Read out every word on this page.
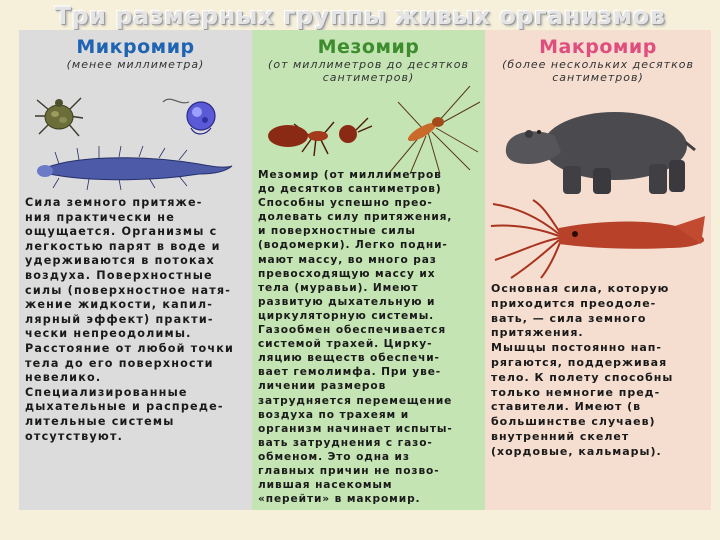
Три размерных группы живых организмов
Микромир
(менее миллиметра)
Сила земного притяже-
ния практически не
ощущается. Организмы с
легкостью парят в воде и
удерживаются в потоках
воздуха. Поверхностные
силы (поверхностное натя-
жение жидкости, капил-
лярный эффект) практи-
чески непреодолимы.
Расстояние от любой точки
тела до его поверхности
невелико.
Специализированные
дыхательные и распреде-
лительные системы
отсутствуют.
Мезомир
(от миллиметров до десятков сантиметров)
Мезомир (от миллиметров
до десятков сантиметров)
Способны успешно прео-
долевать силу притяжения,
и поверхностные силы
(водомерки). Легко подни-
мают массу, во много раз
превосходящую массу их
тела (муравьи). Имеют
развитую дыхательную и
циркуляторную системы.
Газообмен обеспечивается
системой трахей. Цирку-
ляцию веществ обеспечи-
вает гемолимфа. При уве-
личении размеров
затрудняется перемещение
воздуха по трахеям и
организм начинает испыты-
вать затруднения с газо-
обменом. Это одна из
главных причин не позво-
лившая насекомым
«перейти» в макромир.
Макромир
(более нескольких десятков сантиметров)
Основная сила, которую
приходится преодоле-
вать, — сила земного
притяжения.
Мышцы постоянно нап-
рягаются, поддерживая
тело. К полету способны
только немногие пред-
ставители. Имеют (в
большинстве случаев)
внутренний скелет
(хордовые, кальмары).
